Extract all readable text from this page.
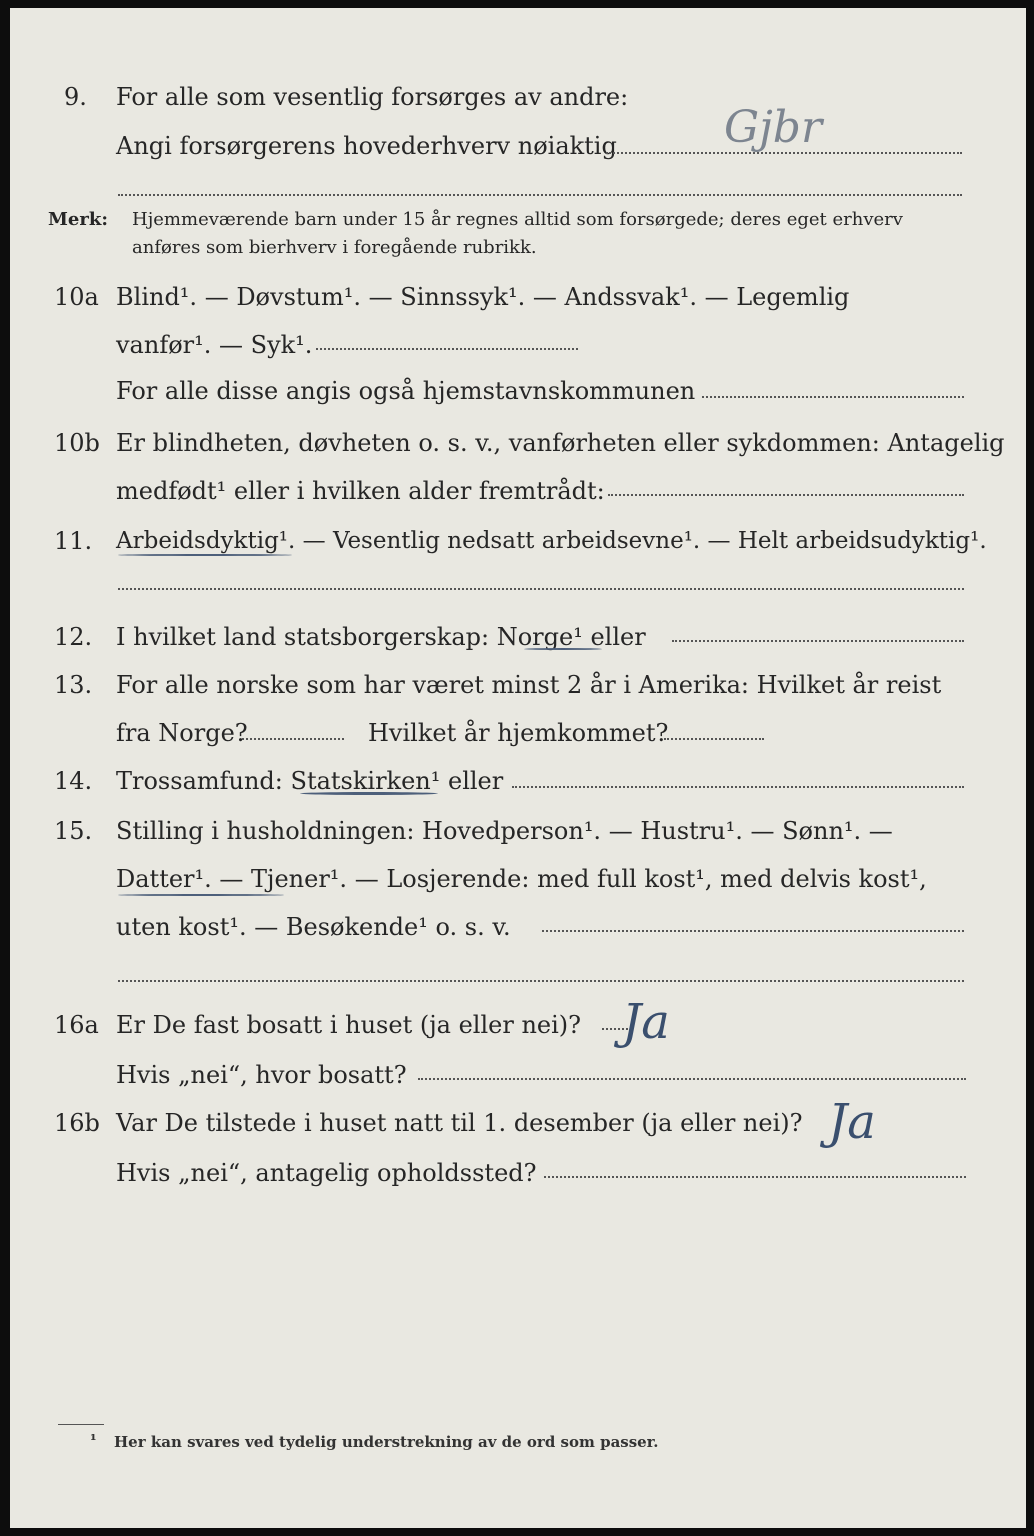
9. For alle som vesentlig forsørges av andre:
Angi forsørgerens hovederhverv nøiaktig Gjbr
Merk: Hjemmeværende barn under 15 år regnes alltid som forsørgede; deres eget erhverv
anføres som bierhverv i foregående rubrikk.
10a Blind¹. — Døvstum¹. — Sinnssyk¹. — Andssvak¹. — Legemlig
vanfør¹. — Syk¹.
For alle disse angis også hjemstavnskommunen
10b Er blindheten, døvheten o. s. v., vanførheten eller sykdommen: Antagelig
medfødt¹ eller i hvilken alder fremtrådt:
11. Arbeidsdyktig¹. — Vesentlig nedsatt arbeidsevne¹. — Helt arbeidsudyktig¹.
12. I hvilket land statsborgerskap: Norge¹ eller
13. For alle norske som har været minst 2 år i Amerika: Hvilket år reist
fra Norge?	Hvilket år hjemkommet?
14. Trossamfund: Statskirken¹ eller
15. Stilling i husholdningen: Hovedperson¹. — Hustru¹. — Sønn¹. —
Datter¹. — Tjener¹. — Losjerende: med full kost¹, med delvis kost¹,
uten kost¹. — Besøkende¹ o. s. v.
16a Er De fast bosatt i huset (ja eller nei)? Ja
Hvis „nei“, hvor bosatt?
16b Var De tilstede i huset natt til 1. desember (ja eller nei)? Ja
Hvis „nei“, antagelig opholdssted?
¹ Her kan svares ved tydelig understrekning av de ord som passer.
